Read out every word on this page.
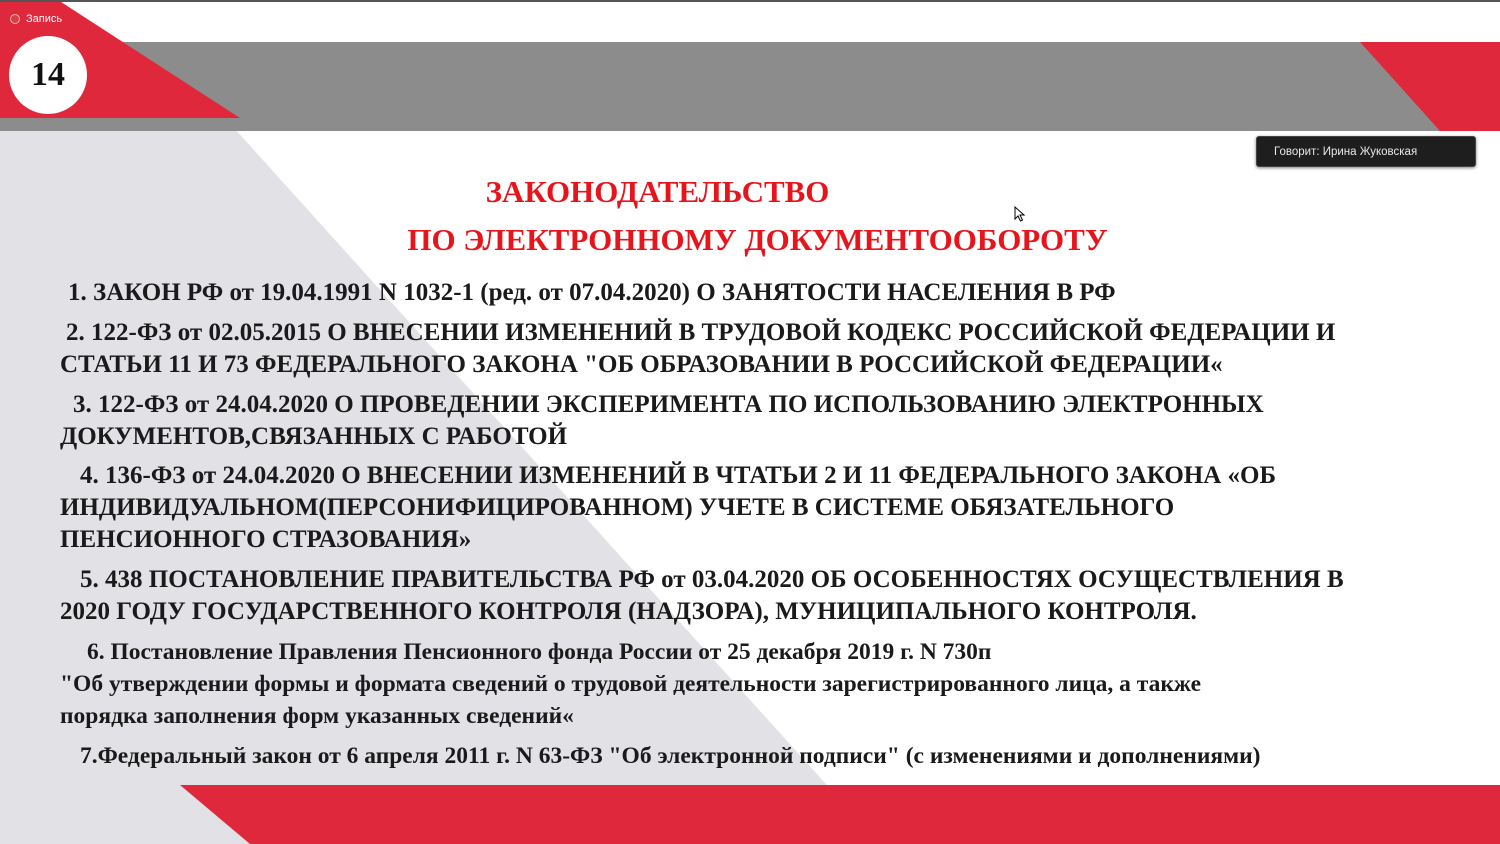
Запись
14
Говорит: Ирина Жуковская
ЗАКОНОДАТЕЛЬСТВО
ПО ЭЛЕКТРОННОМУ ДОКУМЕНТООБОРОТУ
1. ЗАКОН РФ от 19.04.1991 N 1032-1 (ред. от 07.04.2020) О ЗАНЯТОСТИ НАСЕЛЕНИЯ В РФ
2. 122-ФЗ от 02.05.2015 О ВНЕСЕНИИ ИЗМЕНЕНИЙ В ТРУДОВОЙ КОДЕКС РОССИЙСКОЙ ФЕДЕРАЦИИ И
СТАТЬИ 11 И 73 ФЕДЕРАЛЬНОГО ЗАКОНА "ОБ ОБРАЗОВАНИИ В РОССИЙСКОЙ ФЕДЕРАЦИИ«
3. 122-ФЗ от 24.04.2020 О ПРОВЕДЕНИИ ЭКСПЕРИМЕНТА ПО ИСПОЛЬЗОВАНИЮ ЭЛЕКТРОННЫХ
ДОКУМЕНТОВ,СВЯЗАННЫХ С РАБОТОЙ
4. 136-ФЗ от 24.04.2020 О ВНЕСЕНИИ ИЗМЕНЕНИЙ В ЧТАТЬИ 2 И 11 ФЕДЕРАЛЬНОГО ЗАКОНА «ОБ
ИНДИВИДУАЛЬНОМ(ПЕРСОНИФИЦИРОВАННОМ) УЧЕТЕ В СИСТЕМЕ ОБЯЗАТЕЛЬНОГО
ПЕНСИОННОГО СТРАЗОВАНИЯ»
5. 438 ПОСТАНОВЛЕНИЕ ПРАВИТЕЛЬСТВА РФ от 03.04.2020 ОБ ОСОБЕННОСТЯХ ОСУЩЕСТВЛЕНИЯ В
2020 ГОДУ ГОСУДАРСТВЕННОГО КОНТРОЛЯ (НАДЗОРА), МУНИЦИПАЛЬНОГО КОНТРОЛЯ.
6. Постановление Правления Пенсионного фонда России от 25 декабря 2019 г. N 730п
"Об утверждении формы и формата сведений о трудовой деятельности зарегистрированного лица, а также
порядка заполнения форм указанных сведений«
7.Федеральный закон от 6 апреля 2011 г. N 63-ФЗ "Об электронной подписи" (с изменениями и дополнениями)
